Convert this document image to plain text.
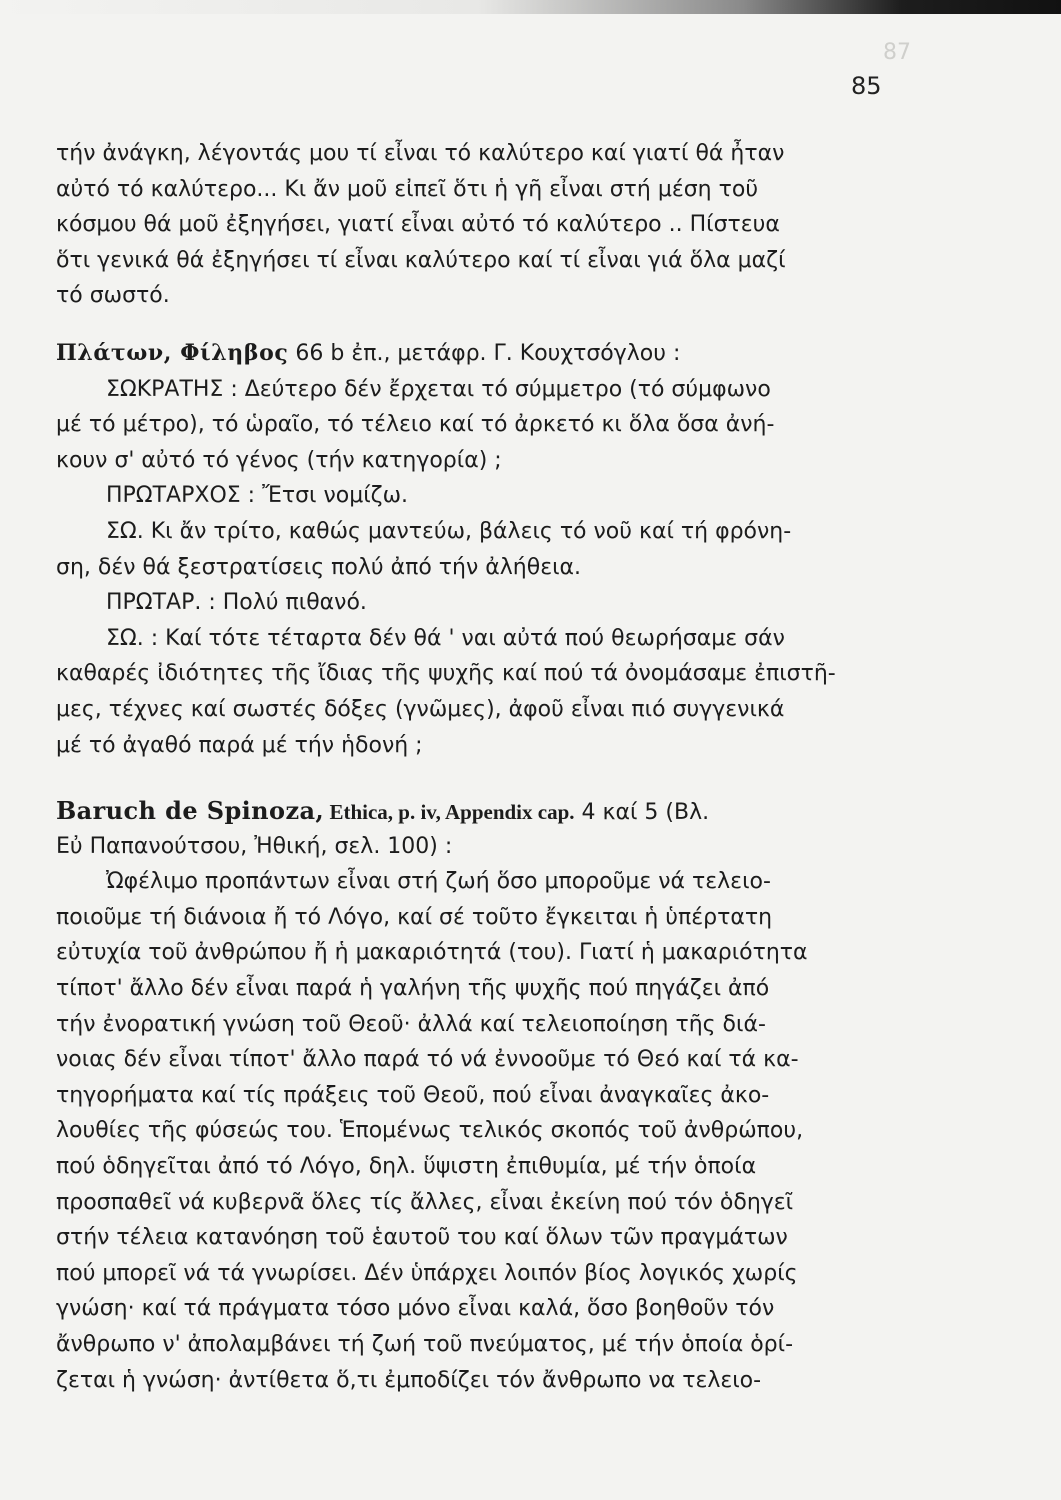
87
85
τήν ἀνάγκη, λέγοντάς μου τί εἶναι τό καλύτερο καί γιατί θά ἦταν
αὐτό τό καλύτερο... Κι ἄν μοῦ εἰπεῖ ὅτι ἡ γῆ εἶναι στή μέση τοῦ
κόσμου θά μοῦ ἐξηγήσει, γιατί εἶναι αὐτό τό καλύτερο .. Πίστευα
ὅτι γενικά θά ἐξηγήσει τί εἶναι καλύτερο καί τί εἶναι γιά ὅλα μαζί
τό σωστό.
Πλάτων, Φίληβος 66 b ἐπ., μετάφρ. Γ. Κουχτσόγλου :
ΣΩΚΡΑΤΗΣ : Δεύτερο δέν ἔρχεται τό σύμμετρο (τό σύμφωνο
μέ τό μέτρο), τό ὡραῖο, τό τέλειο καί τό ἀρκετό κι ὅλα ὅσα ἀνή-
κουν σ' αὐτό τό γένος (τήν κατηγορία) ;
ΠΡΩΤΑΡΧΟΣ : Ἔτσι νομίζω.
ΣΩ. Κι ἄν τρίτο, καθώς μαντεύω, βάλεις τό νοῦ καί τή φρόνη-
ση, δέν θά ξεστρατίσεις πολύ ἀπό τήν ἀλήθεια.
ΠΡΩΤΑΡ. : Πολύ πιθανό.
ΣΩ. : Καί τότε τέταρτα δέν θά ' ναι αὐτά πού θεωρήσαμε σάν
καθαρές ἰδιότητες τῆς ἴδιας τῆς ψυχῆς καί πού τά ὀνομάσαμε ἐπιστῆ-
μες, τέχνες καί σωστές δόξες (γνῶμες), ἀφοῦ εἶναι πιό συγγενικά
μέ τό ἀγαθό παρά μέ τήν ἡδονή ;
Baruch de Spinoza, Ethica, p. iv, Appendix cap. 4 καί 5 (Βλ.
Εὐ Παπανούτσου, Ἠθική, σελ. 100) :
Ὠφέλιμο προπάντων εἶναι στή ζωή ὅσο μποροῦμε νά τελειο-
ποιοῦμε τή διάνοια ἤ τό Λόγο, καί σέ τοῦτο ἔγκειται ἡ ὑπέρτατη
εὐτυχία τοῦ ἀνθρώπου ἤ ἡ μακαριότητά (του). Γιατί ἡ μακαριότητα
τίποτ' ἄλλο δέν εἶναι παρά ἡ γαλήνη τῆς ψυχῆς πού πηγάζει ἀπό
τήν ἐνορατική γνώση τοῦ Θεοῦ· ἀλλά καί τελειοποίηση τῆς διά-
νοιας δέν εἶναι τίποτ' ἄλλο παρά τό νά ἐννοοῦμε τό Θεό καί τά κα-
τηγορήματα καί τίς πράξεις τοῦ Θεοῦ, πού εἶναι ἀναγκαῖες ἀκο-
λουθίες τῆς φύσεώς του. Ἑπομένως τελικός σκοπός τοῦ ἀνθρώπου,
πού ὁδηγεῖται ἀπό τό Λόγο, δηλ. ὕψιστη ἐπιθυμία, μέ τήν ὁποία
προσπαθεῖ νά κυβερνᾶ ὅλες τίς ἄλλες, εἶναι ἐκείνη πού τόν ὁδηγεῖ
στήν τέλεια κατανόηση τοῦ ἑαυτοῦ του καί ὅλων τῶν πραγμάτων
πού μπορεῖ νά τά γνωρίσει. Δέν ὑπάρχει λοιπόν βίος λογικός χωρίς
γνώση· καί τά πράγματα τόσο μόνο εἶναι καλά, ὅσο βοηθοῦν τόν
ἄνθρωπο ν' ἀπολαμβάνει τή ζωή τοῦ πνεύματος, μέ τήν ὁποία ὁρί-
ζεται ἡ γνώση· ἀντίθετα ὅ,τι ἐμποδίζει τόν ἄνθρωπο να τελειο-
